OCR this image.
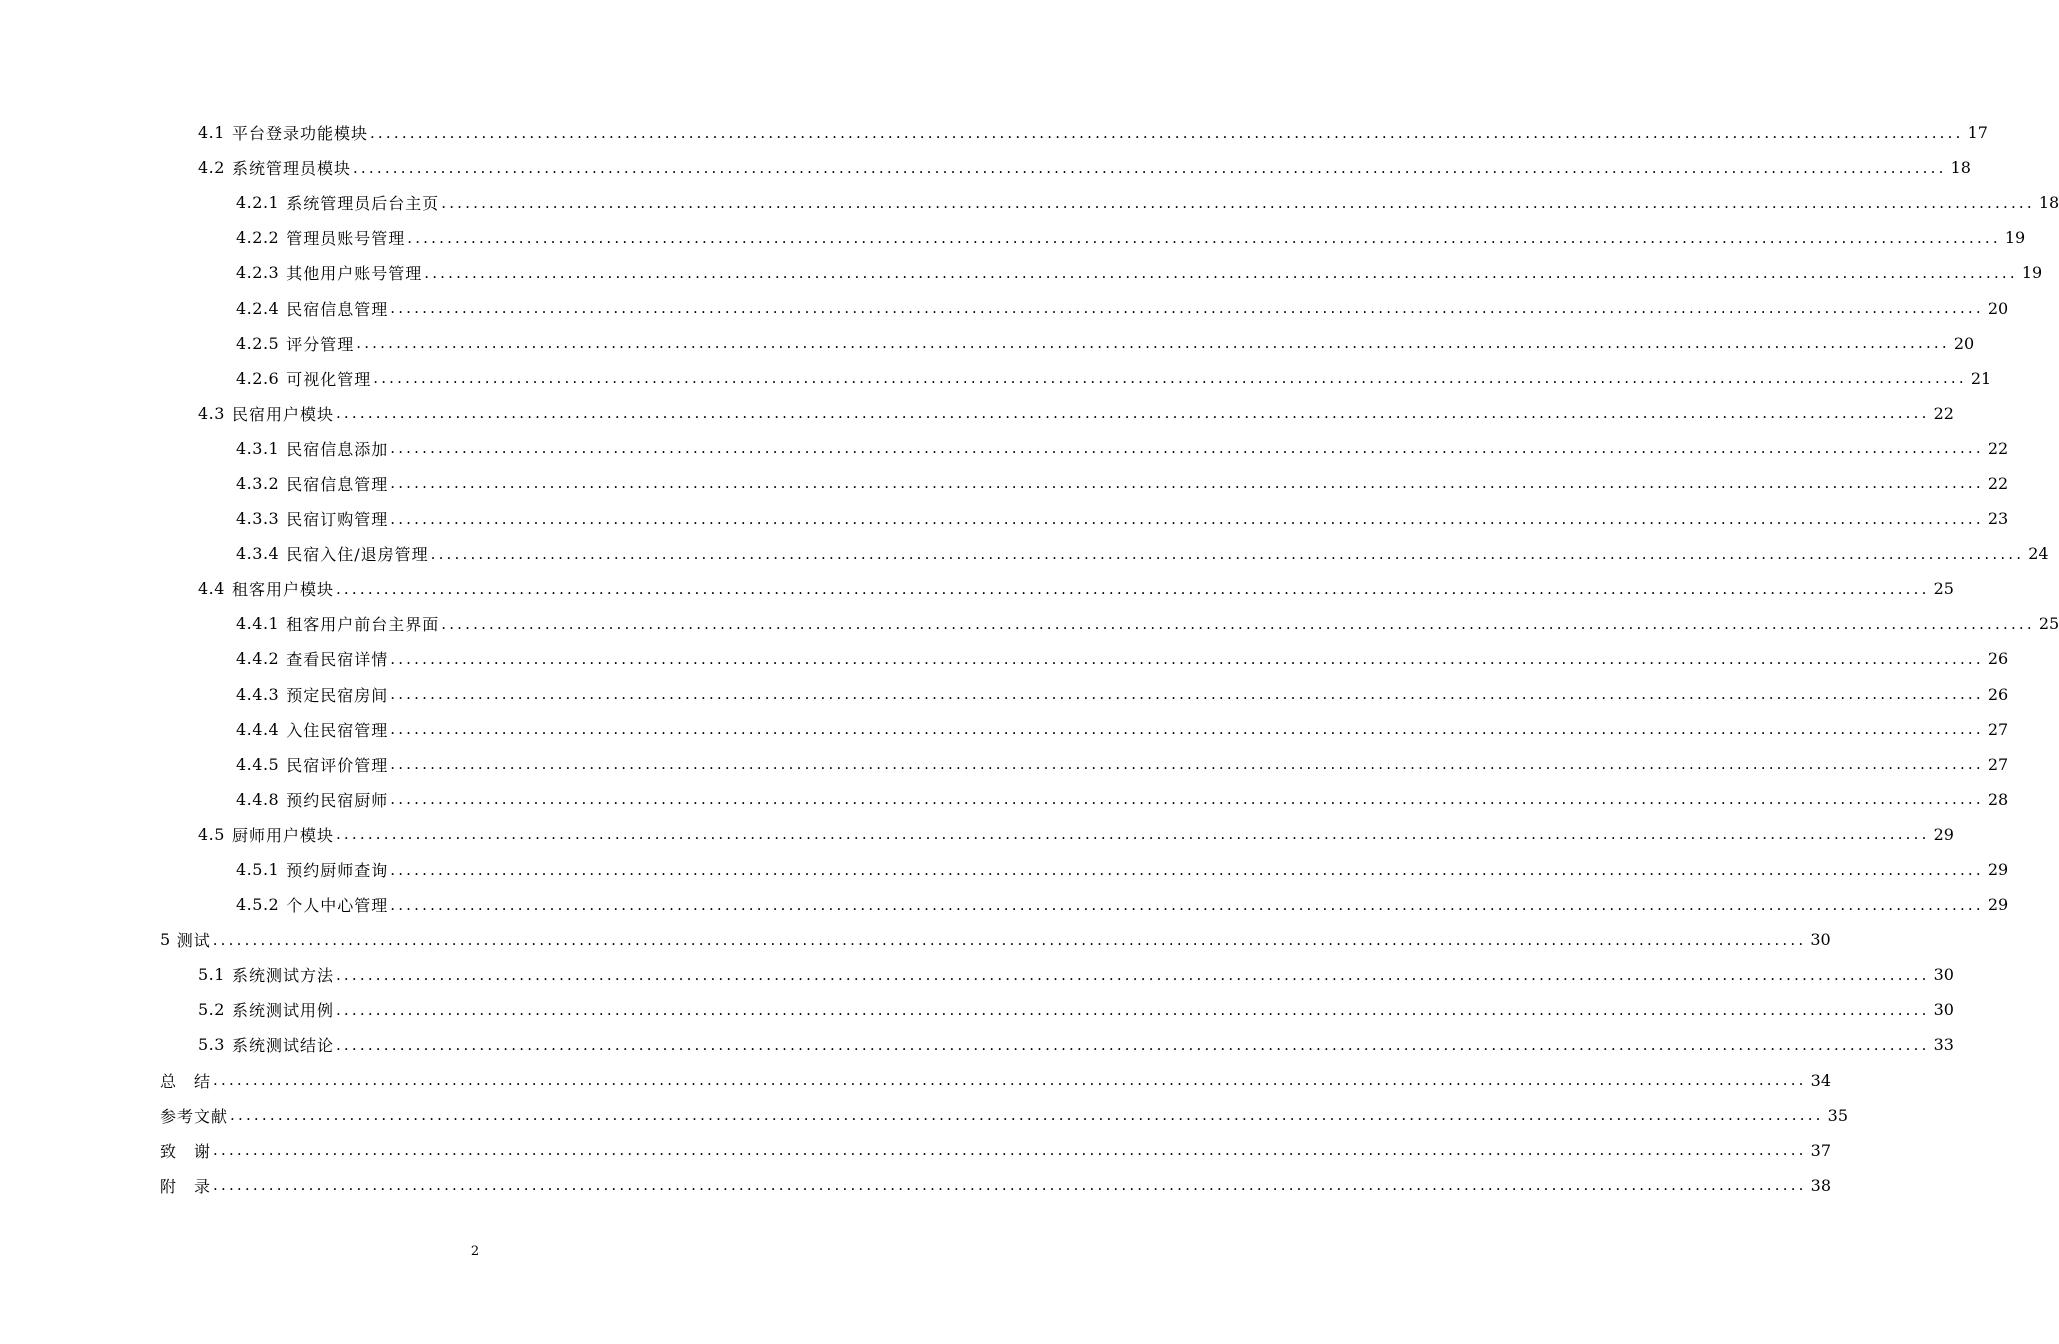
4.1 平台登录功能模块 ........................................................................................................................................................................................................ 17
4.2 系统管理员模块 ........................................................................................................................................................................................................ 18
4.2.1 系统管理员后台主页 ........................................................................................................................................................................................................ 18
4.2.2 管理员账号管理 ........................................................................................................................................................................................................ 19
4.2.3 其他用户账号管理 ........................................................................................................................................................................................................ 19
4.2.4 民宿信息管理 ........................................................................................................................................................................................................ 20
4.2.5 评分管理 ........................................................................................................................................................................................................ 20
4.2.6 可视化管理 ........................................................................................................................................................................................................ 21
4.3 民宿用户模块 ........................................................................................................................................................................................................ 22
4.3.1 民宿信息添加 ........................................................................................................................................................................................................ 22
4.3.2 民宿信息管理 ........................................................................................................................................................................................................ 22
4.3.3 民宿订购管理 ........................................................................................................................................................................................................ 23
4.3.4 民宿入住/退房管理 ........................................................................................................................................................................................................ 24
4.4 租客用户模块 ........................................................................................................................................................................................................ 25
4.4.1 租客用户前台主界面 ........................................................................................................................................................................................................ 25
4.4.2 查看民宿详情 ........................................................................................................................................................................................................ 26
4.4.3 预定民宿房间 ........................................................................................................................................................................................................ 26
4.4.4 入住民宿管理 ........................................................................................................................................................................................................ 27
4.4.5 民宿评价管理 ........................................................................................................................................................................................................ 27
4.4.8 预约民宿厨师 ........................................................................................................................................................................................................ 28
4.5 厨师用户模块 ........................................................................................................................................................................................................ 29
4.5.1 预约厨师查询 ........................................................................................................................................................................................................ 29
4.5.2 个人中心管理 ........................................................................................................................................................................................................ 29
5 测试 ........................................................................................................................................................................................................ 30
5.1 系统测试方法 ........................................................................................................................................................................................................ 30
5.2 系统测试用例 ........................................................................................................................................................................................................ 30
5.3 系统测试结论 ........................................................................................................................................................................................................ 33
总　结 ........................................................................................................................................................................................................ 34
参考文献 ........................................................................................................................................................................................................ 35
致　谢 ........................................................................................................................................................................................................ 37
附　录 ........................................................................................................................................................................................................ 38
2
